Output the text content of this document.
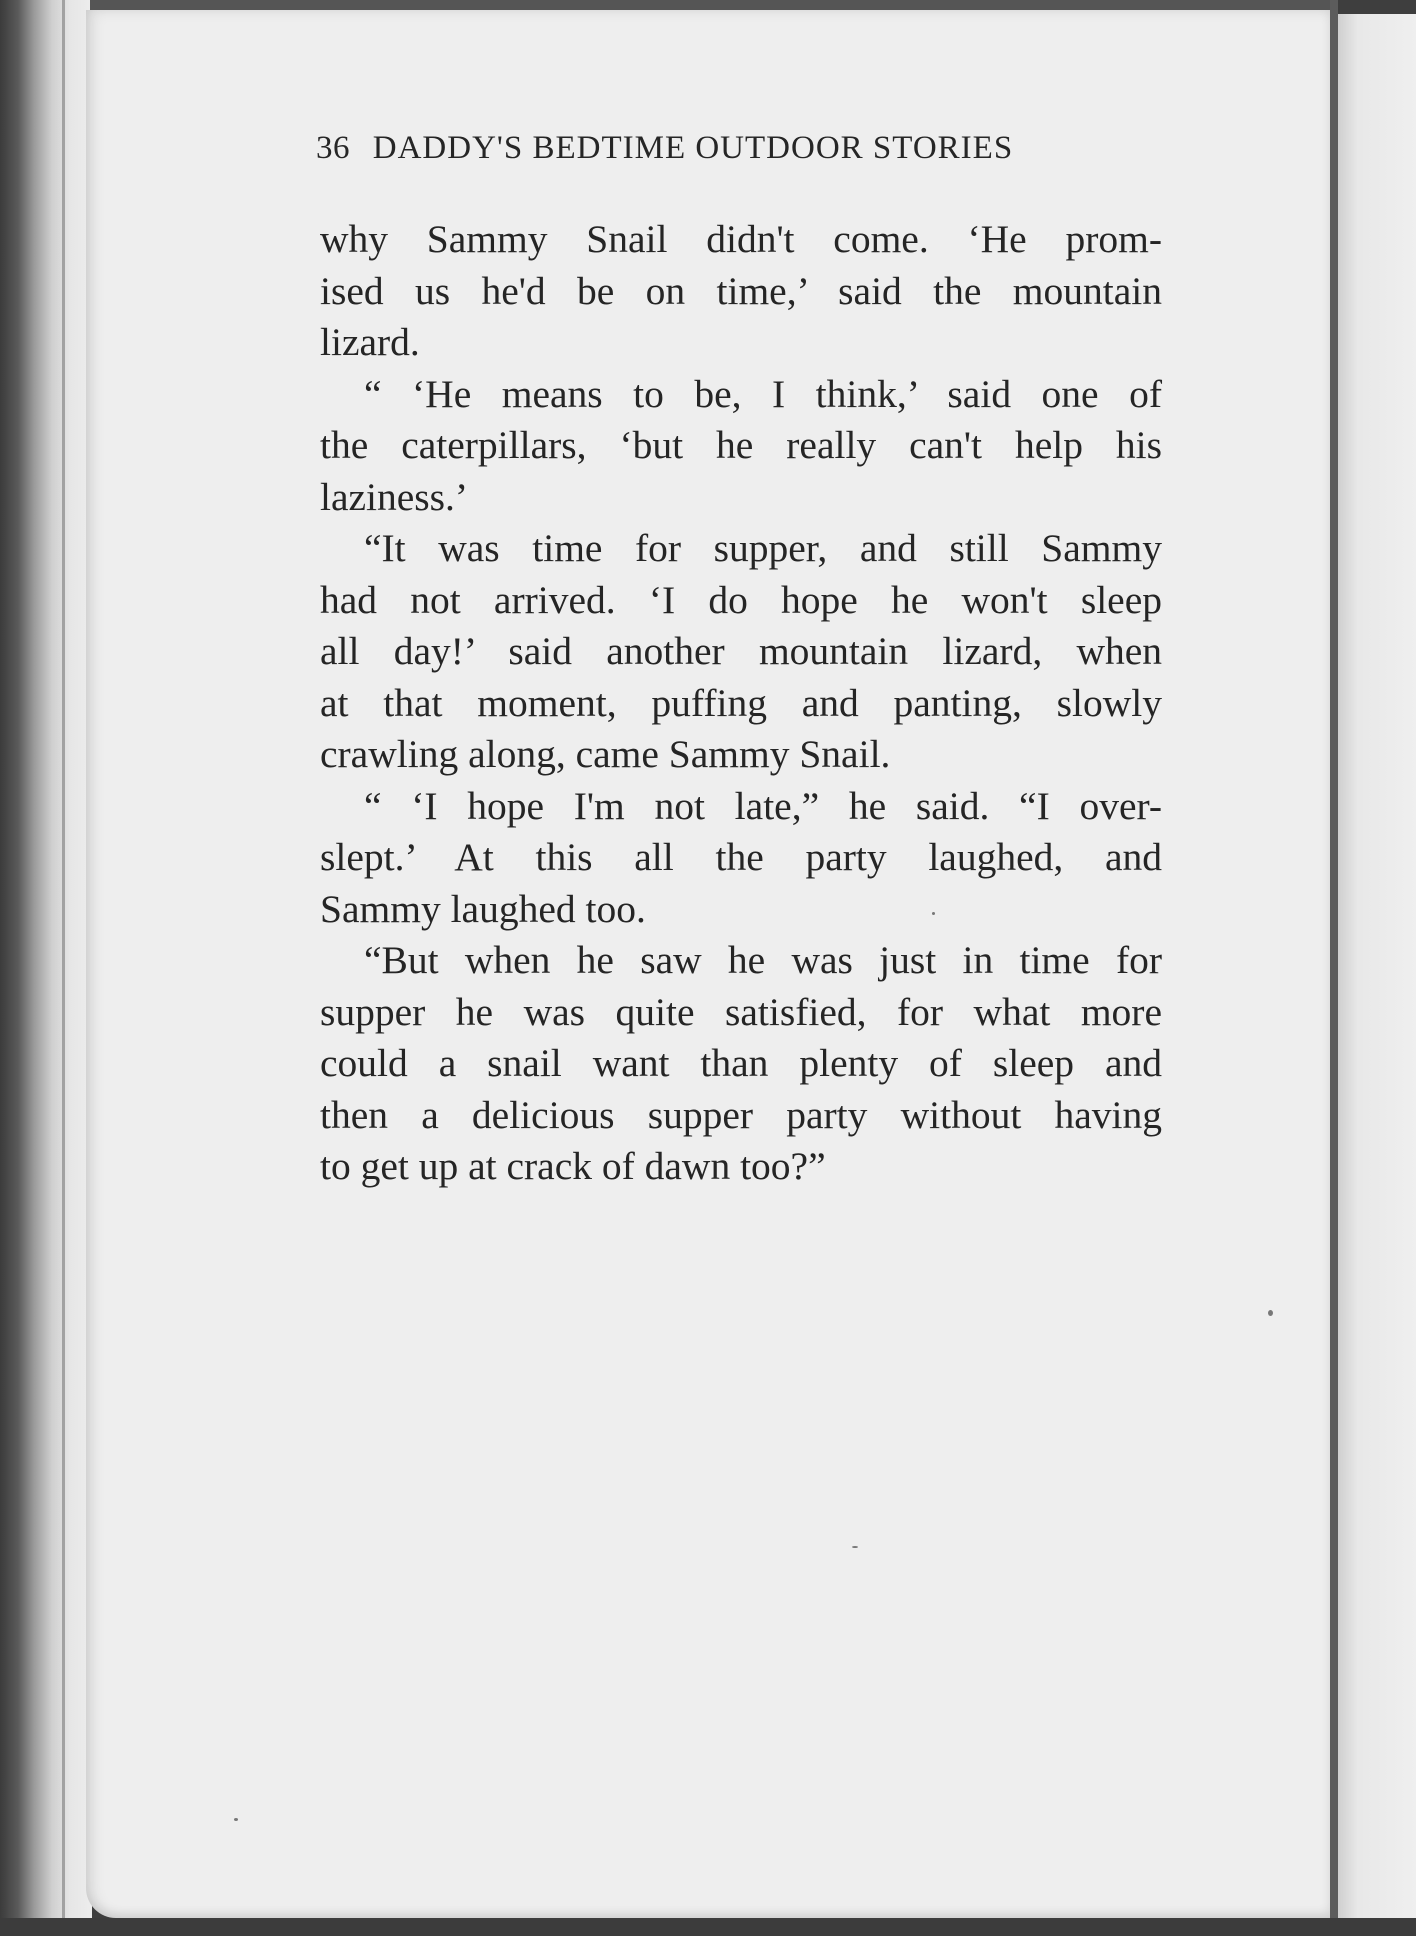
36 DADDY'S BEDTIME OUTDOOR STORIES
why Sammy Snail didn't come. ‘He prom-
ised us he'd be on time,’ said the mountain
lizard.
“ ‘He means to be, I think,’ said one of
the caterpillars, ‘but he really can't help his
laziness.’
“It was time for supper, and still Sammy
had not arrived. ‘I do hope he won't sleep
all day!’ said another mountain lizard, when
at that moment, puffing and panting, slowly
crawling along, came Sammy Snail.
“ ‘I hope I'm not late,” he said. “I over-
slept.’ At this all the party laughed, and
Sammy laughed too.
“But when he saw he was just in time for
supper he was quite satisfied, for what more
could a snail want than plenty of sleep and
then a delicious supper party without having
to get up at crack of dawn too?”
